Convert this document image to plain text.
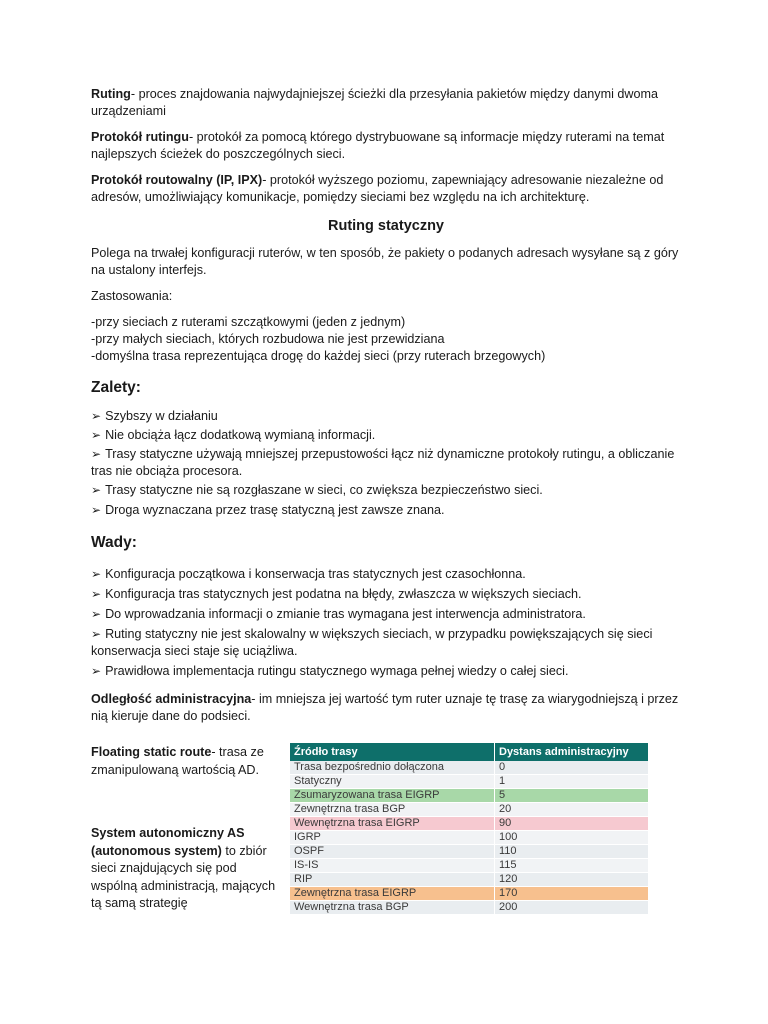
Ruting- proces znajdowania najwydajniejszej ścieżki dla przesyłania pakietów między danymi dwoma urządzeniami

Protokół rutingu- protokół za pomocą którego dystrybuowane są informacje między ruterami na temat najlepszych ścieżek do poszczególnych sieci.

Protokół routowalny (IP, IPX)- protokół wyższego poziomu, zapewniający adresowanie niezależne od adresów, umożliwiający komunikacje, pomiędzy sieciami bez względu na ich architekturę.

Ruting statyczny

Polega na trwałej konfiguracji ruterów, w ten sposób, że pakiety o podanych adresach wysyłane są z góry na ustalony interfejs.

Zastosowania:

-przy sieciach z ruterami szczątkowymi (jeden z jednym)
-przy małych sieciach, których rozbudowa nie jest przewidziana
-domyślna trasa reprezentująca drogę do każdej sieci (przy ruterach brzegowych)

Zalety:

➢ Szybszy w działaniu

➢ Nie obciąża łącz dodatkową wymianą informacji.

➢ Trasy statyczne używają mniejszej przepustowości łącz niż dynamiczne protokoły rutingu, a obliczanie tras nie obciąża procesora.

➢ Trasy statyczne nie są rozgłaszane w sieci, co zwiększa bezpieczeństwo sieci.

➢ Droga wyznaczana przez trasę statyczną jest zawsze znana.

Wady:

➢ Konfiguracja początkowa i konserwacja tras statycznych jest czasochłonna.

➢ Konfiguracja tras statycznych jest podatna na błędy, zwłaszcza w większych sieciach.

➢ Do wprowadzania informacji o zmianie tras wymagana jest interwencja administratora.

➢ Ruting statyczny nie jest skalowalny w większych sieciach, w przypadku powiększających się sieci konserwacja sieci staje się uciążliwa.

➢ Prawidłowa implementacja rutingu statycznego wymaga pełnej wiedzy o całej sieci.

Odległość administracyjna- im mniejsza jej wartość tym ruter uznaje tę trasę za wiarygodniejszą i przez nią kieruje dane do podsieci.

Floating static route- trasa ze zmanipulowaną wartością AD.

System autonomiczny AS (autonomous system) to zbiór sieci znajdujących się pod wspólną administracją, mających tą samą strategię

Źródło trasy	Dystans administracyjny
Trasa bezpośrednio dołączona	0
Statyczny	1
Zsumaryzowana trasa EIGRP	5
Zewnętrzna trasa BGP	20
Wewnętrzna trasa EIGRP	90
IGRP	100
OSPF	110
IS-IS	115
RIP	120
Zewnętrzna trasa EIGRP	170
Wewnętrzna trasa BGP	200
